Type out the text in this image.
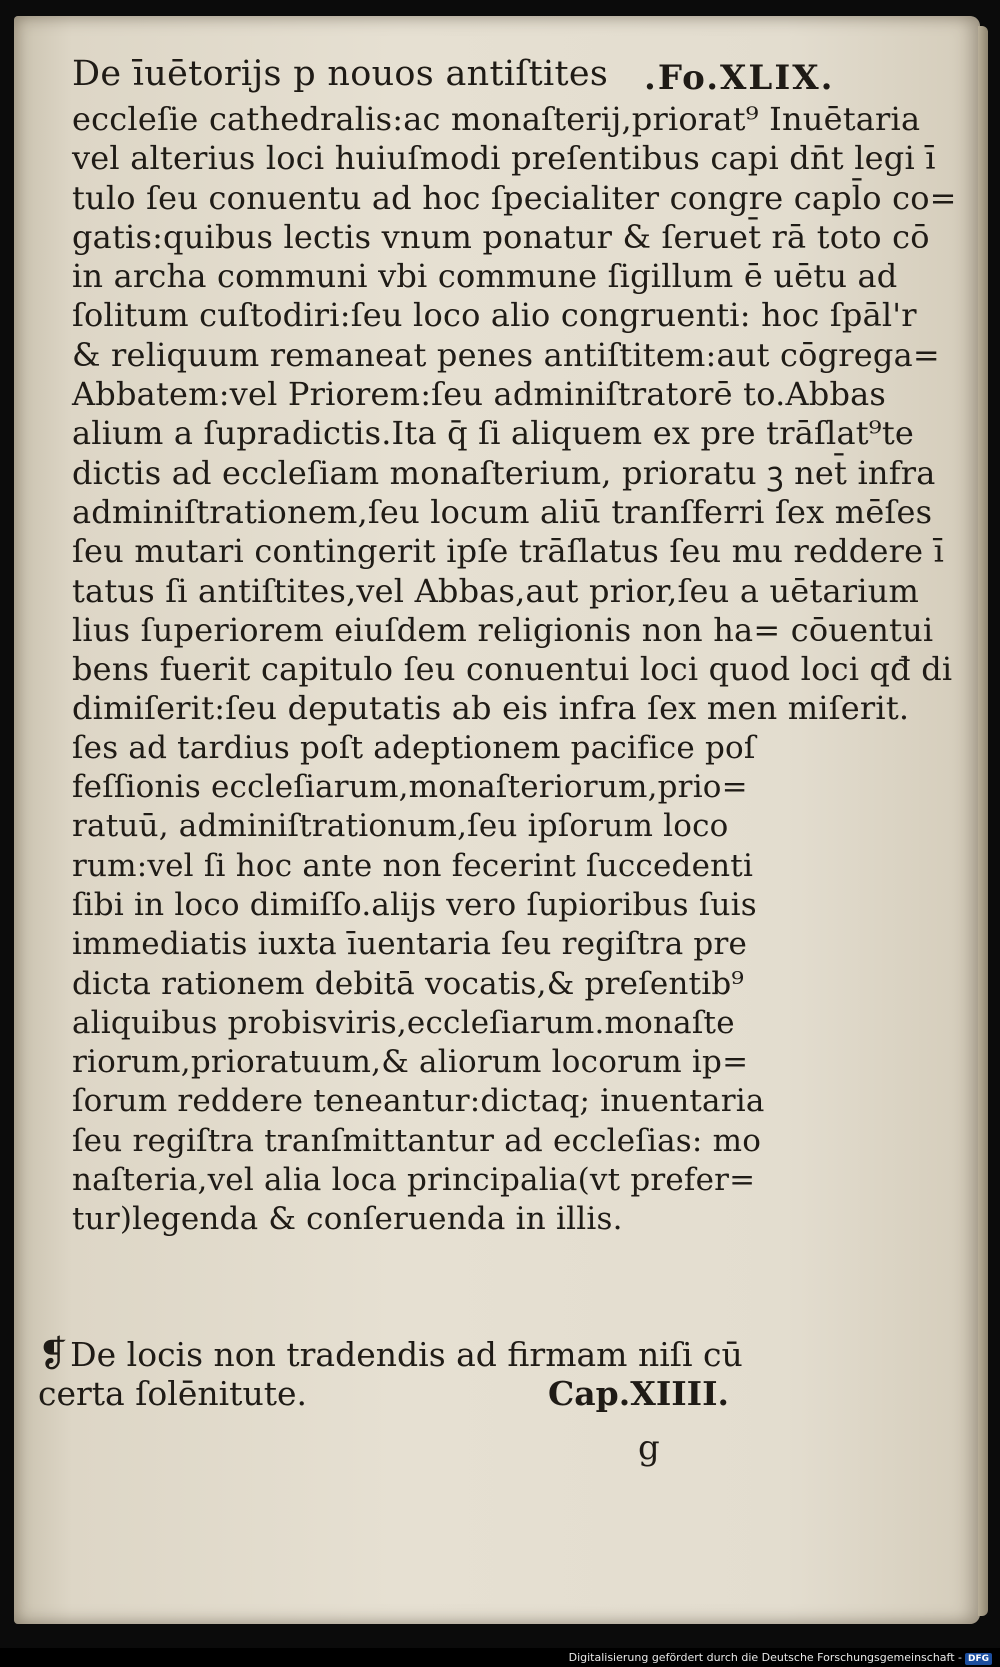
De īuētorijs p nouos antiſtites .Fo.XLIX.
eccleſie cathedralis:ac monaſterij,priorat⁹ Inuētaria
vel alterius loci huiuſmodi preſentibus capi dn̄t legi ī
tulo ſeu conuentu ad hoc ſpecialiter congre capl̄o co=
gatis:quibus lectis vnum ponatur & ſeruet̄ rā toto cō
in archa communi vbi commune ſigillum ē uētu ad
ſolitum cuſtodiri:ſeu loco alio congruenti: hoc ſpāl'r
& reliquum remaneat penes antiſtitem:aut cōgrega=
Abbatem:vel Priorem:ſeu adminiſtratorē to.Abbas
alium a ſupradictis.Ita q̄ ſi aliquem ex pre trāſlat⁹te
dictis ad eccleſiam monaſterium, prioratu ꝫ net̄ infra
adminiſtrationem,ſeu locum aliū tranſferri ſex mēſes
ſeu mutari contingerit ipſe trāſlatus ſeu mu reddere ī
tatus ſi antiſtites,vel Abbas,aut prior,ſeu a uētarium
lius ſuperiorem eiuſdem religionis non ha= cōuentui
bens fuerit capitulo ſeu conuentui loci quod loci qđ di
dimiſerit:ſeu deputatis ab eis infra ſex men miſerit.
ſes ad tardius poſt adeptionem pacifice poſ
feſſionis eccleſiarum,monaſteriorum,prio=
ratuū, adminiſtrationum,ſeu ipſorum loco
rum:vel ſi hoc ante non fecerint ſuccedenti
ſibi in loco dimiſſo.alijs vero ſupioribus ſuis
immediatis iuxta īuentaria ſeu regiſtra pre
dicta rationem debitā vocatis,& preſentib⁹
aliquibus probisviris,eccleſiarum.monaſte
riorum,prioratuum,& aliorum locorum ip=
ſorum reddere teneantur:dictaq; inuentaria
ſeu regiſtra tranſmittantur ad eccleſias: mo
naſteria,vel alia loca principalia(vt prefer=
tur)legenda & conſeruenda in illis.
❡De locis non tradendis ad firmam niſi cū
certa ſolēnitute.	Cap.XIIII.
g
Digitalisierung gefördert durch die Deutsche Forschungsgemeinschaft - DFG
